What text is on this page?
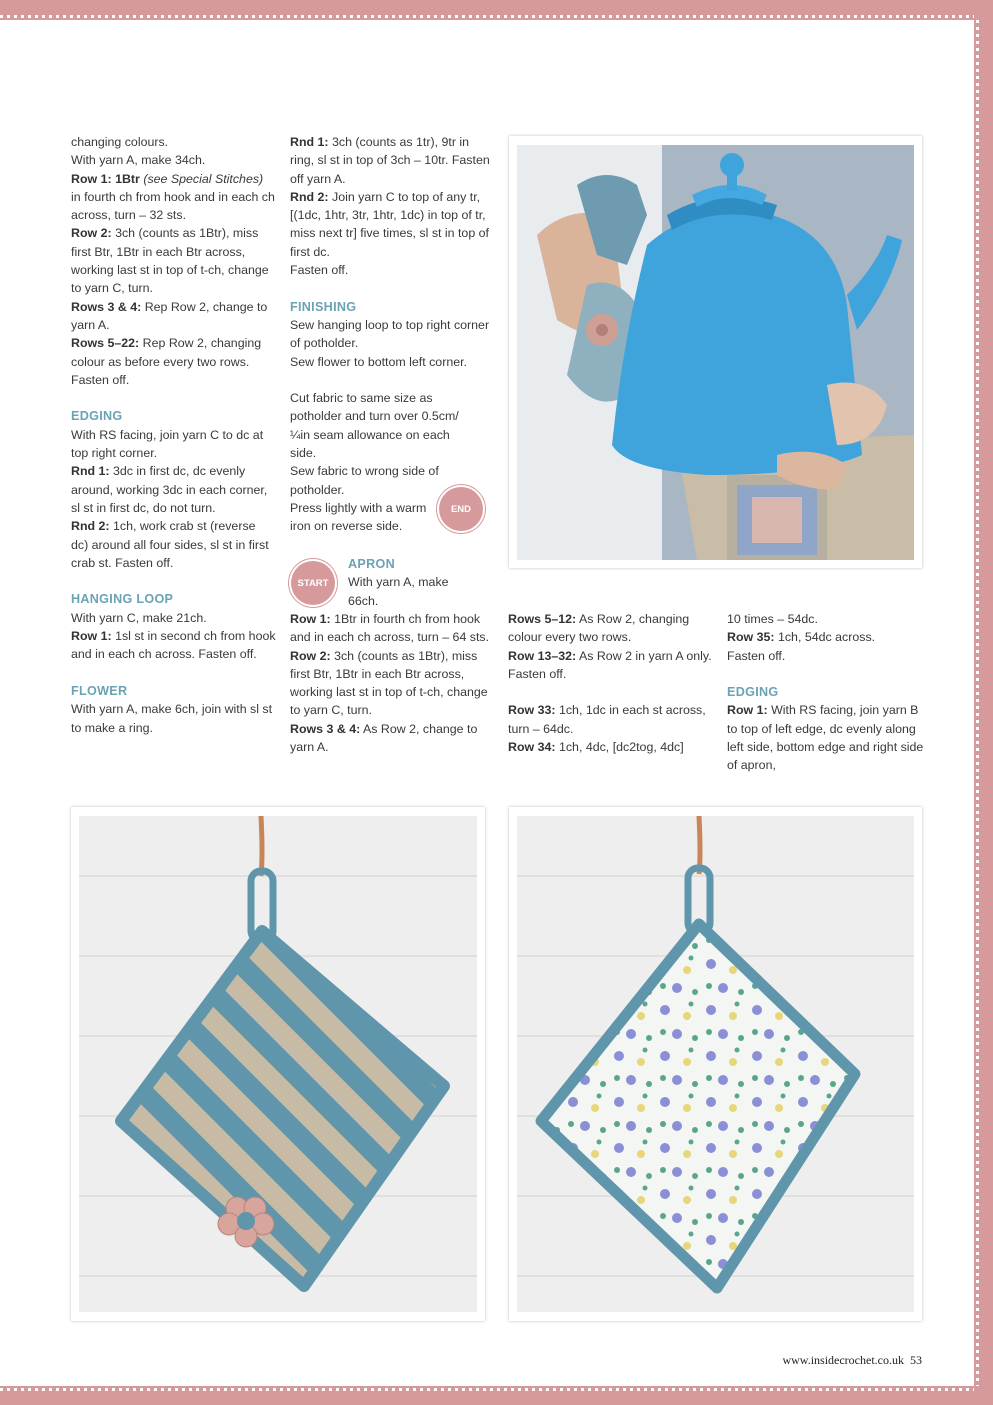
changing colours.

With yarn A, make 34ch.

Row 1: 1Btr (see Special Stitches) in fourth ch from hook and in each ch across, turn – 32 sts.

Row 2: 3ch (counts as 1Btr), miss first Btr, 1Btr in each Btr across, working last st in top of t-ch, change to yarn C, turn.

Rows 3 & 4: Rep Row 2, change to yarn A.

Rows 5–22: Rep Row 2, changing colour as before every two rows.

Fasten off.

EDGING

With RS facing, join yarn C to dc at top right corner.

Rnd 1: 3dc in first dc, dc evenly around, working 3dc in each corner, sl st in first dc, do not turn.

Rnd 2: 1ch, work crab st (reverse dc) around all four sides, sl st in first crab st. Fasten off.

HANGING LOOP

With yarn C, make 21ch.

Row 1: 1sl st in second ch from hook and in each ch across. Fasten off.

FLOWER

With yarn A, make 6ch, join with sl st to make a ring.

Rnd 1: 3ch (counts as 1tr), 9tr in ring, sl st in top of 3ch – 10tr. Fasten off yarn A.

Rnd 2: Join yarn C to top of any tr, [(1dc, 1htr, 3tr, 1htr, 1dc) in top of tr, miss next tr] five times, sl st in top of first dc.

Fasten off.

FINISHING

Sew hanging loop to top right corner of potholder.

Sew flower to bottom left corner.

Cut fabric to same size as potholder and turn over 0.5cm/¼in seam allowance on each side.

Sew fabric to wrong side of potholder.

Press lightly with a warm iron on reverse side.

END
START
APRON

With yarn A, make 66ch.

Row 1: 1Btr in fourth ch from hook and in each ch across, turn – 64 sts.

Row 2: 3ch (counts as 1Btr), miss first Btr, 1Btr in each Btr across, working last st in top of t-ch, change to yarn C, turn.

Rows 3 & 4: As Row 2, change to yarn A.

Rows 5–12: As Row 2, changing colour every two rows.

Row 13–32: As Row 2 in yarn A only.

Fasten off.

Row 33: 1ch, 1dc in each st across, turn – 64dc.

Row 34: 1ch, 4dc, [dc2tog, 4dc]

10 times – 54dc.

Row 35: 1ch, 54dc across.

Fasten off.

EDGING

Row 1: With RS facing, join yarn B to top of left edge, dc evenly along left side, bottom edge and right side of apron,

www.insidecrochet.co.uk 53
